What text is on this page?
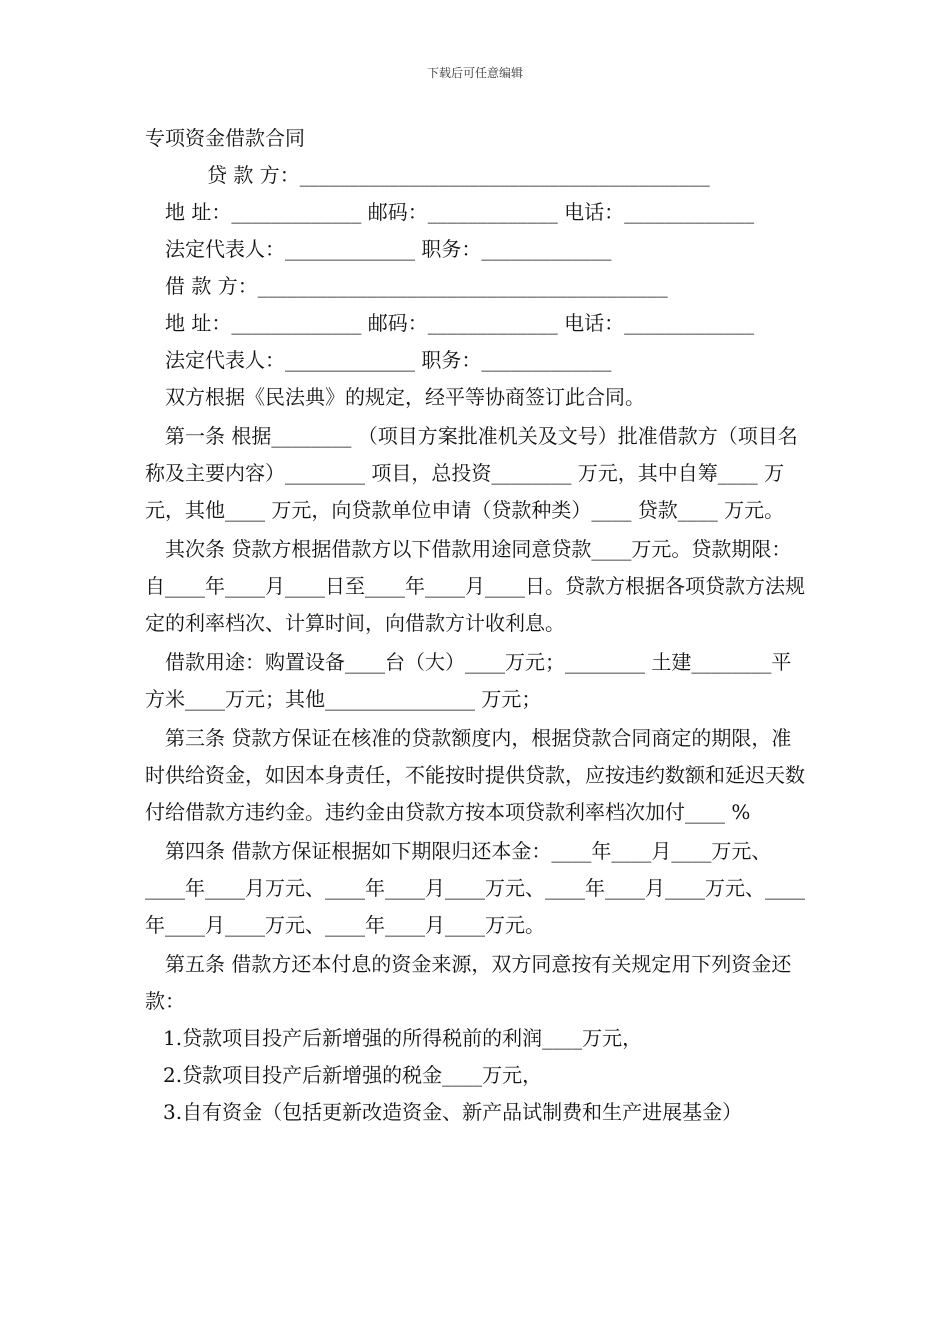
下载后可任意编辑
专项资金借款合同
贷 款 方：_________________________________________
地 址：_____________ 邮码：_____________ 电话：_____________
法定代表人：_____________ 职务：_____________
借 款 方：_________________________________________
地 址：_____________ 邮码：_____________ 电话：_____________
法定代表人：_____________ 职务：_____________
双方根据《民法典》的规定，经平等协商签订此合同。
第一条 根据________ （项目方案批准机关及文号）批准借款方（项目名称及主要内容）________ 项目，总投资________ 万元，其中自筹____ 万元，其他____ 万元，向贷款单位申请（贷款种类）____ 贷款____ 万元。
其次条 贷款方根据借款方以下借款用途同意贷款____万元。贷款期限：自____年____月____日至____年____月____日。贷款方根据各项贷款方法规定的利率档次、计算时间，向借款方计收利息。
借款用途：购置设备____台（大）____万元；________ 土建________平方米____万元；其他_______________ 万元；
第三条 贷款方保证在核准的贷款额度内，根据贷款合同商定的期限，准时供给资金，如因本身责任，不能按时提供贷款，应按违约数额和延迟天数付给借款方违约金。违约金由贷款方按本项贷款利率档次加付____ %
第四条 借款方保证根据如下期限归还本金：____年____月____万元、____年____月万元、____年____月____万元、____年____月____万元、____年____月____万元、____年____月____万元。
第五条 借款方还本付息的资金来源，双方同意按有关规定用下列资金还款：
1.贷款项目投产后新增强的所得税前的利润____万元，
2.贷款项目投产后新增强的税金____万元，
3.自有资金（包括更新改造资金、新产品试制费和生产进展基金）
